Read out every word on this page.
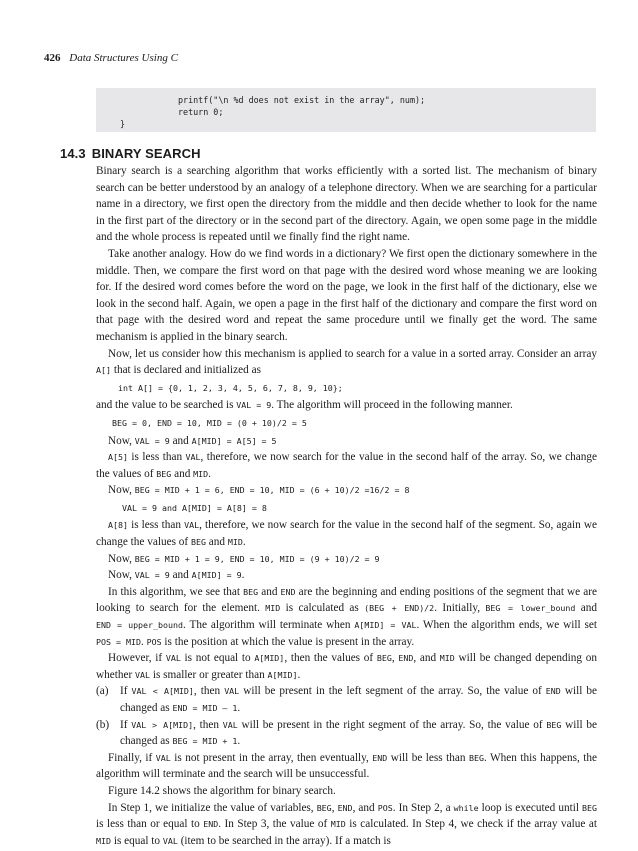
426 Data Structures Using C
printf("\n %d does not exist in the array", num);
return 0;
}
14.3 BINARY SEARCH

Binary search is a searching algorithm that works efficiently with a sorted list. The mechanism of binary search can be better understood by an analogy of a telephone directory. When we are searching for a particular name in a directory, we first open the directory from the middle and then decide whether to look for the name in the first part of the directory or in the second part of the directory. Again, we open some page in the middle and the whole process is repeated until we finally find the right name.

Take another analogy. How do we find words in a dictionary? We first open the dictionary somewhere in the middle. Then, we compare the first word on that page with the desired word whose meaning we are looking for. If the desired word comes before the word on the page, we look in the first half of the dictionary, else we look in the second half. Again, we open a page in the first half of the dictionary and compare the first word on that page with the desired word and repeat the same procedure until we finally get the word. The same mechanism is applied in the binary search.

Now, let us consider how this mechanism is applied to search for a value in a sorted array. Consider an array A[] that is declared and initialized as

int A[] = {0, 1, 2, 3, 4, 5, 6, 7, 8, 9, 10};

and the value to be searched is VAL = 9. The algorithm will proceed in the following manner.

BEG = 0, END = 10, MID = (0 + 10)/2 = 5

Now, VAL = 9 and A[MID] = A[5] = 5

A[5] is less than VAL, therefore, we now search for the value in the second half of the array. So, we change the values of BEG and MID.

Now, BEG = MID + 1 = 6, END = 10, MID = (6 + 10)/2 =16/2 = 8

VAL = 9 and A[MID] = A[8] = 8

A[8] is less than VAL, therefore, we now search for the value in the second half of the segment. So, again we change the values of BEG and MID.

Now, BEG = MID + 1 = 9, END = 10, MID = (9 + 10)/2 = 9

Now, VAL = 9 and A[MID] = 9.

In this algorithm, we see that BEG and END are the beginning and ending positions of the segment that we are looking to search for the element. MID is calculated as (BEG + END)/2. Initially, BEG = lower_bound and END = upper_bound. The algorithm will terminate when A[MID] = VAL. When the algorithm ends, we will set POS = MID. POS is the position at which the value is present in the array.

However, if VAL is not equal to A[MID], then the values of BEG, END, and MID will be changed depending on whether VAL is smaller or greater than A[MID].

(a) If VAL < A[MID], then VAL will be present in the left segment of the array. So, the value of END will be changed as END = MID – 1.

(b) If VAL > A[MID], then VAL will be present in the right segment of the array. So, the value of BEG will be changed as BEG = MID + 1.

Finally, if VAL is not present in the array, then eventually, END will be less than BEG. When this happens, the algorithm will terminate and the search will be unsuccessful.

Figure 14.2 shows the algorithm for binary search.

In Step 1, we initialize the value of variables, BEG, END, and POS. In Step 2, a while loop is executed until BEG is less than or equal to END. In Step 3, the value of MID is calculated. In Step 4, we check if the array value at MID is equal to VAL (item to be searched in the array). If a match is
